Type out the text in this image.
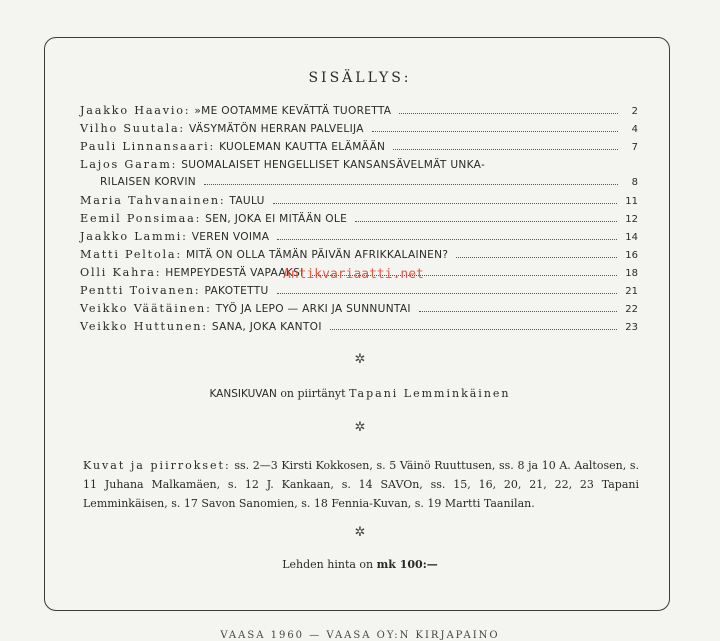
SISÄLLYS:
Jaakko Haavio: »ME OOTAMME KEVÄTTÄ TUORETTA	2
Vilho Suutala: VÄSYMÄTÖN HERRAN PALVELIJA	4
Pauli Linnansaari: KUOLEMAN KAUTTA ELÄMÄÄN	7
Lajos Garam: SUOMALAISET HENGELLISET KANSANSÄVELMÄT UNKA-
RILAISEN KORVIN	8
Maria Tahvanainen: TAULU	11
Eemil Ponsimaa: SEN, JOKA EI MITÄÄN OLE	12
Jaakko Lammi: VEREN VOIMA	14
Matti Peltola: MITÄ ON OLLA TÄMÄN PÄIVÄN AFRIKKALAINEN?	16
Olli Kahra: HEMPEYDESTÄ VAPAAKSI	18
Pentti Toivanen: PAKOTETTU	21
Veikko Väätäinen: TYÖ JA LEPO — ARKI JA SUNNUNTAI	22
Veikko Huttunen: SANA, JOKA KANTOI	23
Antikvariaatti.net
✲
KANSIKUVAN on piirtänyt Tapani Lemminkäinen
✲
Kuvat ja piirrokset: ss. 2—3 Kirsti Kokkosen, s. 5 Väinö Ruuttusen, ss. 8 ja 10 A. Aaltosen, s. 11 Juhana Malkamäen, s. 12 J. Kankaan, s. 14 SAVOn, ss. 15, 16, 20, 21, 22, 23 Tapani Lemminkäisen, s. 17 Savon Sanomien, s. 18 Fennia-Kuvan, s. 19 Martti Taanilan.
✲
Lehden hinta on mk 100:—
VAASA 1960 — VAASA OY:N KIRJAPAINO
